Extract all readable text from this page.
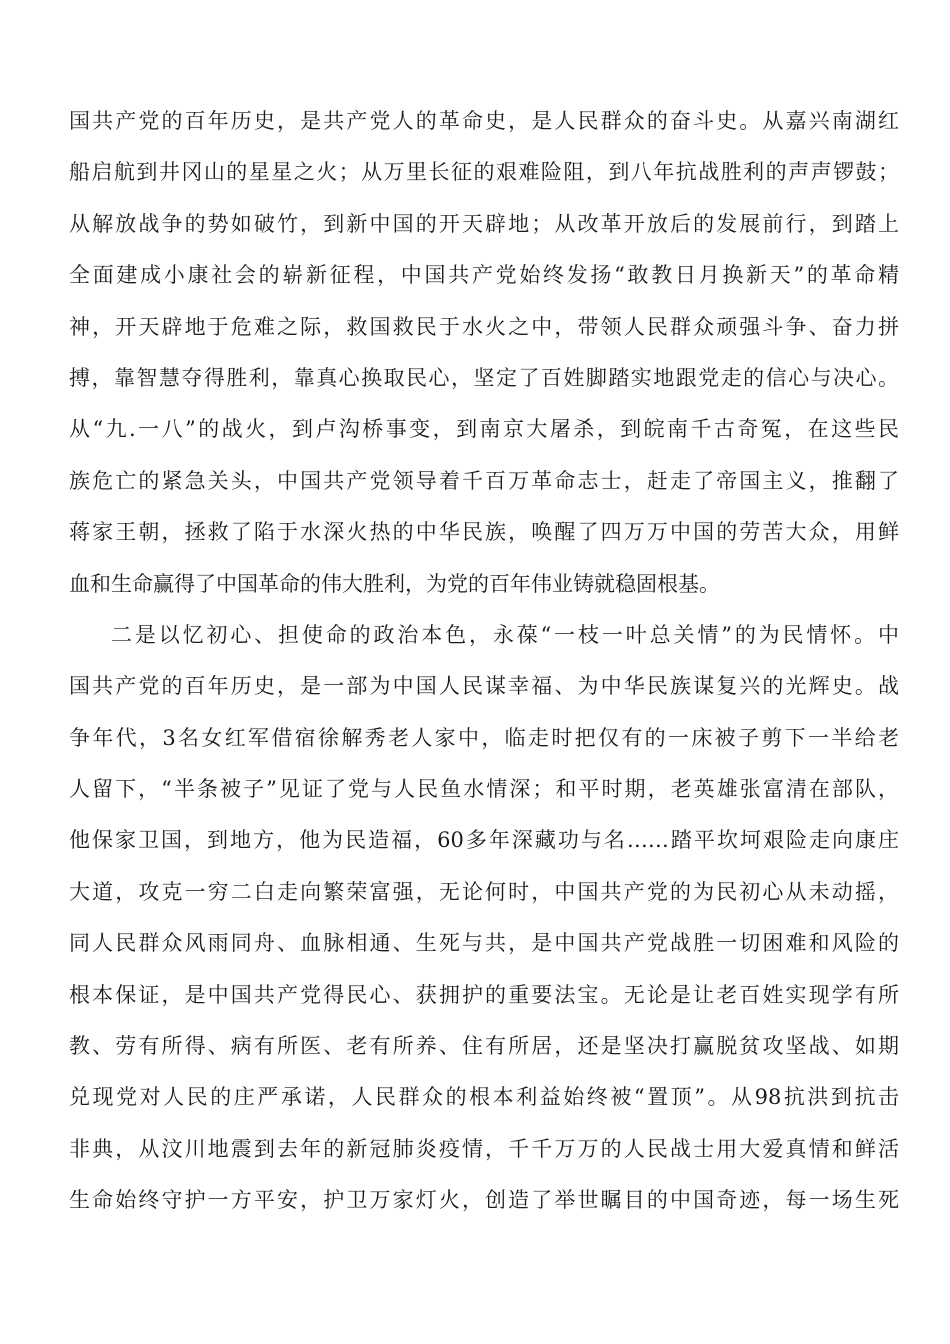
国共产党的百年历史，是共产党人的革命史，是人民群众的奋斗史。从嘉兴南湖红
船启航到井冈山的星星之火；从万里长征的艰难险阻，到八年抗战胜利的声声锣鼓；
从解放战争的势如破竹，到新中国的开天辟地；从改革开放后的发展前行，到踏上
全面建成小康社会的崭新征程，中国共产党始终发扬“敢教日月换新天”的革命精
神，开天辟地于危难之际，救国救民于水火之中，带领人民群众顽强斗争、奋力拼
搏，靠智慧夺得胜利，靠真心换取民心，坚定了百姓脚踏实地跟党走的信心与决心。
从“九.一八”的战火，到卢沟桥事变，到南京大屠杀，到皖南千古奇冤，在这些民
族危亡的紧急关头，中国共产党领导着千百万革命志士，赶走了帝国主义，推翻了
蒋家王朝，拯救了陷于水深火热的中华民族，唤醒了四万万中国的劳苦大众，用鲜
血和生命赢得了中国革命的伟大胜利，为党的百年伟业铸就稳固根基。
二是以忆初心、担使命的政治本色，永葆“一枝一叶总关情”的为民情怀。中
国共产党的百年历史，是一部为中国人民谋幸福、为中华民族谋复兴的光辉史。战
争年代，3名女红军借宿徐解秀老人家中，临走时把仅有的一床被子剪下一半给老
人留下，“半条被子”见证了党与人民鱼水情深；和平时期，老英雄张富清在部队，
他保家卫国，到地方，他为民造福，60多年深藏功与名……踏平坎坷艰险走向康庄
大道，攻克一穷二白走向繁荣富强，无论何时，中国共产党的为民初心从未动摇，
同人民群众风雨同舟、血脉相通、生死与共，是中国共产党战胜一切困难和风险的
根本保证，是中国共产党得民心、获拥护的重要法宝。无论是让老百姓实现学有所
教、劳有所得、病有所医、老有所养、住有所居，还是坚决打赢脱贫攻坚战、如期
兑现党对人民的庄严承诺，人民群众的根本利益始终被“置顶”。从98抗洪到抗击
非典，从汶川地震到去年的新冠肺炎疫情，千千万万的人民战士用大爱真情和鲜活
生命始终守护一方平安，护卫万家灯火，创造了举世瞩目的中国奇迹，每一场生死
